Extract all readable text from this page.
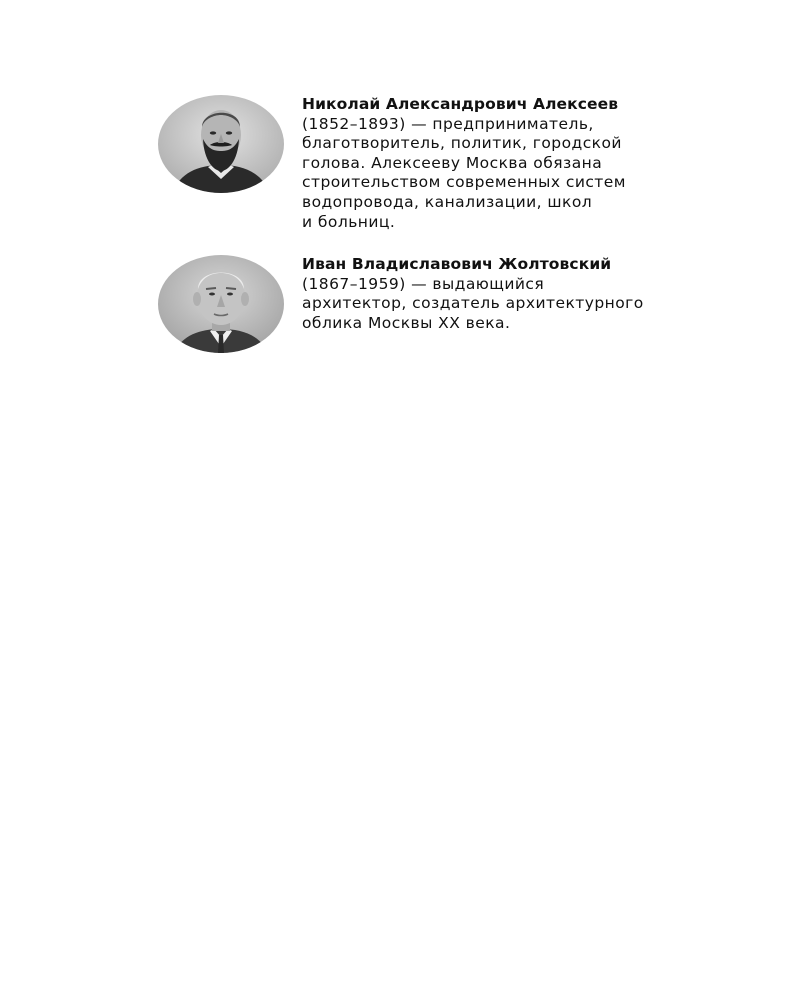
Николай Александрович Алексеев
(1852–1893) — предприниматель,
благотворитель, политик, городской
голова. Алексееву Москва обязана
строительством современных систем
водопровода, канализации, школ
и больниц.
Иван Владиславович Жолтовский
(1867–1959) — выдающийся
архитектор, создатель архитектурного
облика Москвы XX века.
